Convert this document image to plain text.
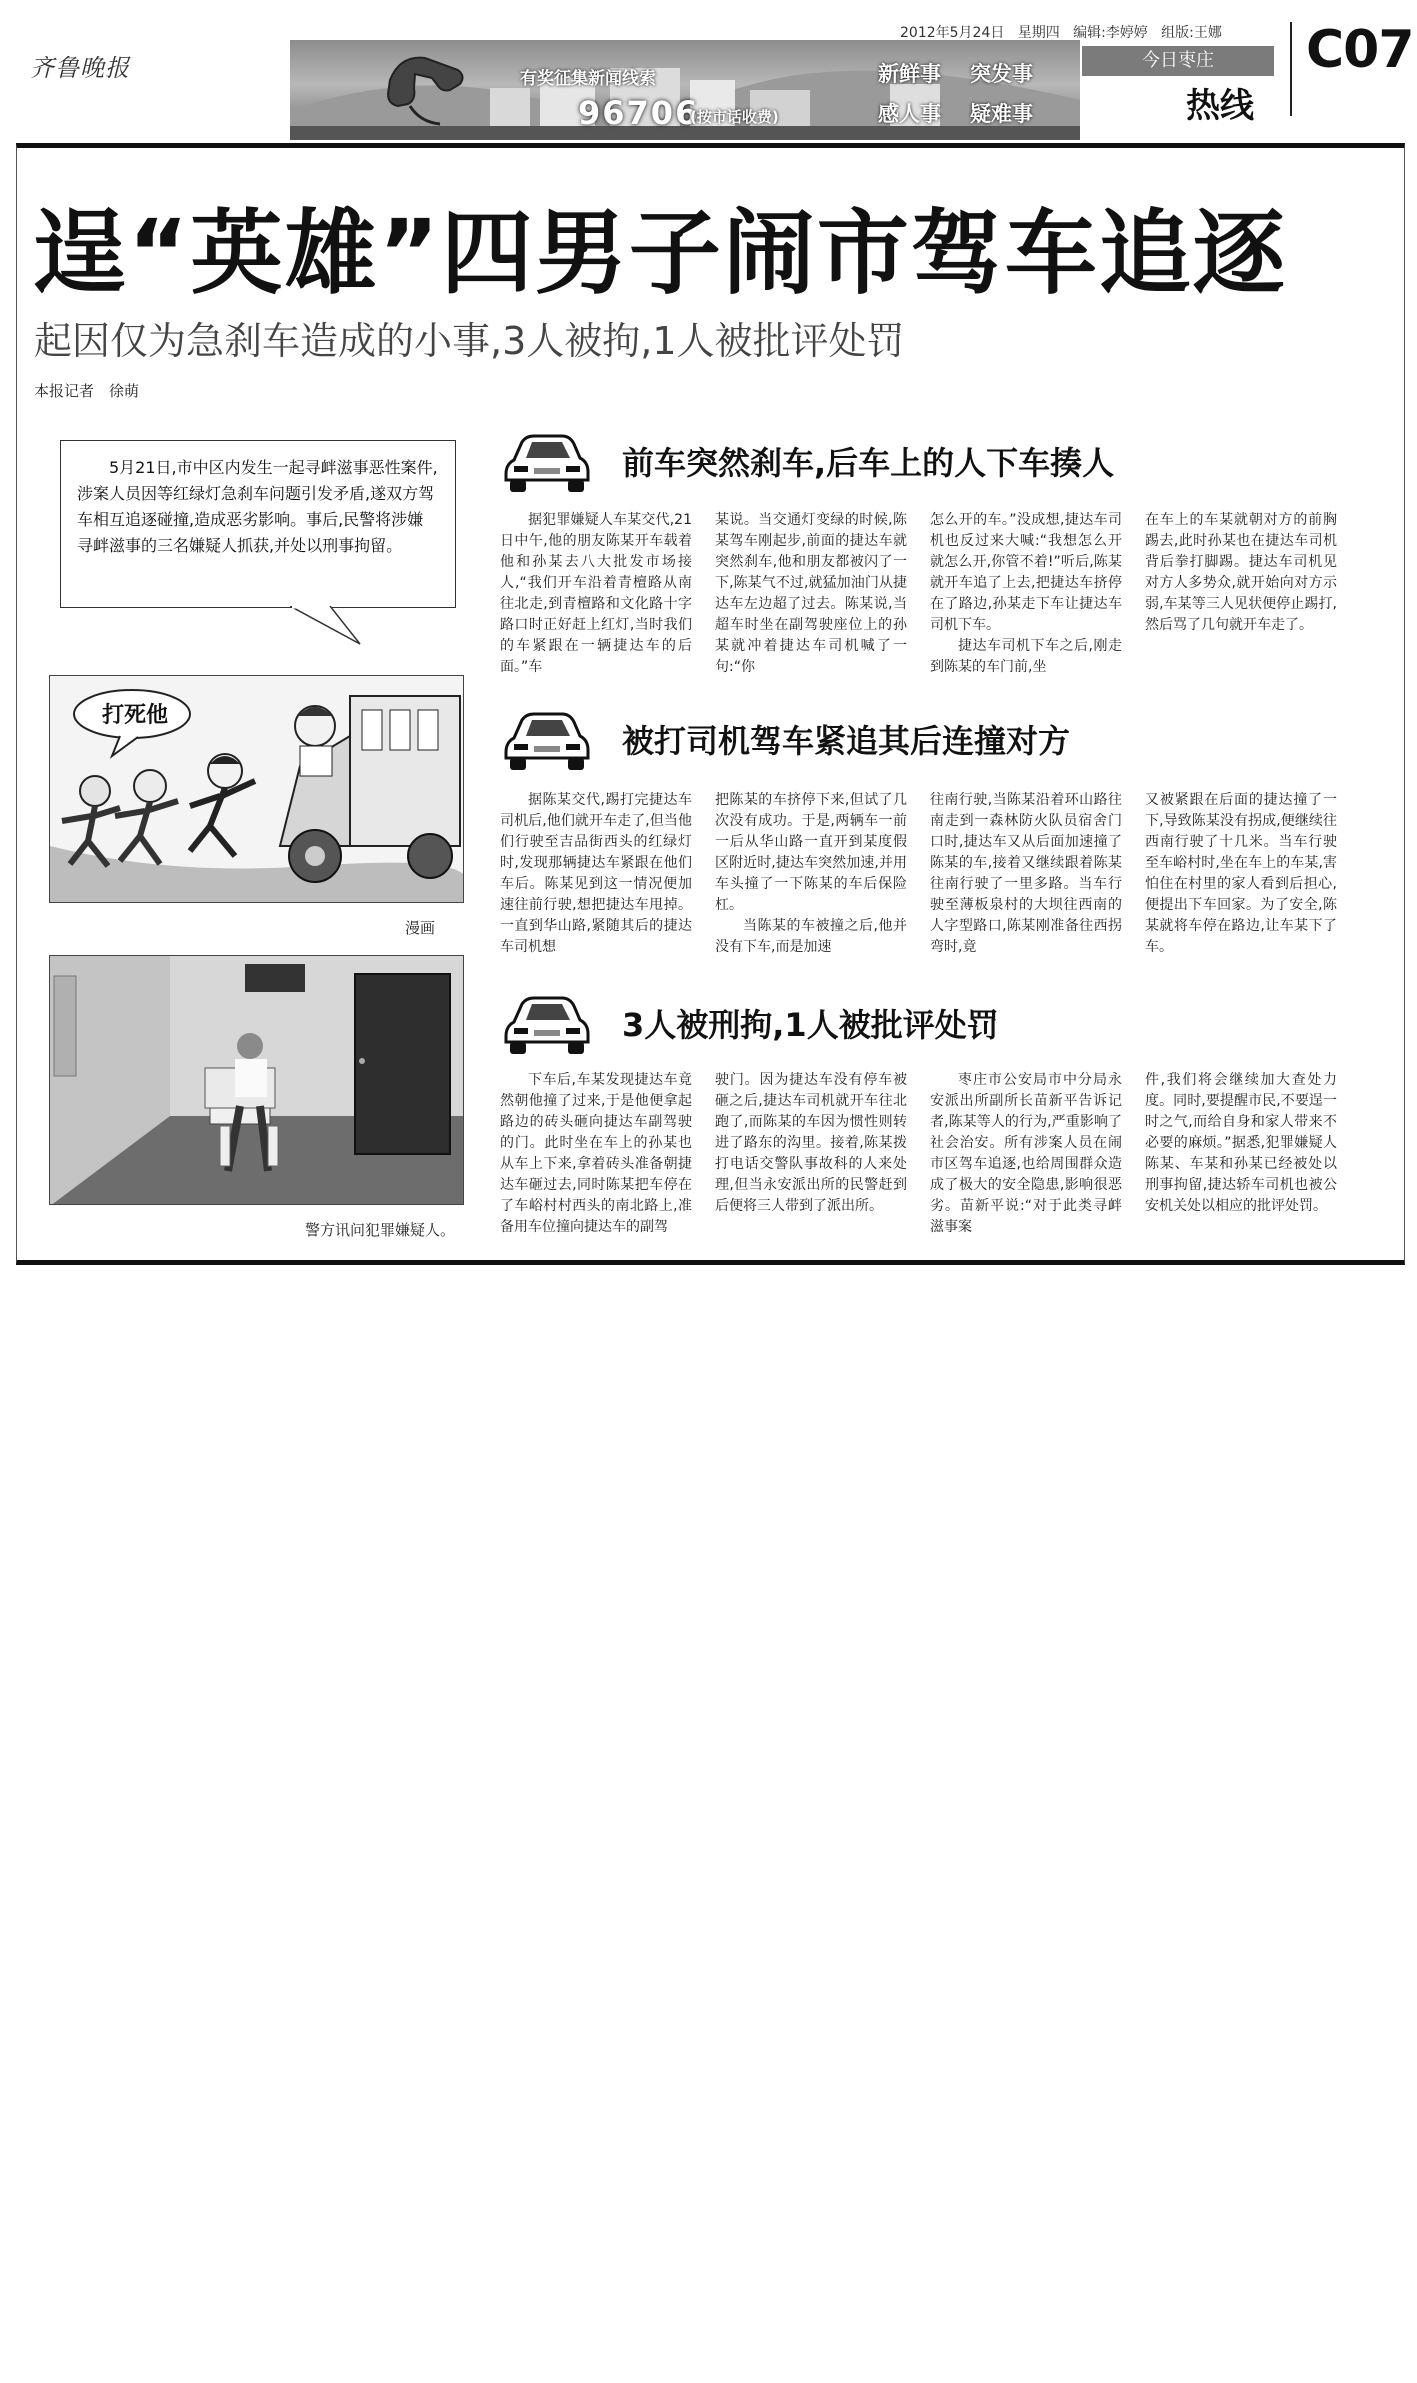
齐鲁晚报	有奖征集新闻线索
96706
(按市话收费)
新鲜事 突发事
感人事 疑难事
2012年5月24日 星期四 编辑:李婷婷 组版:王娜
今日枣庄
热线
C07
逞“英雄”四男子闹市驾车追逐
起因仅为急刹车造成的小事,3人被拘,1人被批评处罚
本报记者　徐萌
5月21日,市中区内发生一起寻衅滋事恶性案件,涉案人员因等红绿灯急刹车问题引发矛盾,遂双方驾车相互追逐碰撞,造成恶劣影响。事后,民警将涉嫌寻衅滋事的三名嫌疑人抓获,并处以刑事拘留。
打死他
漫画
警方讯问犯罪嫌疑人。
前车突然刹车,后车上的人下车揍人

据犯罪嫌疑人车某交代,21日中午,他的朋友陈某开车载着他和孙某去八大批发市场接人,“我们开车沿着青檀路从南往北走,到青檀路和文化路十字路口时正好赶上红灯,当时我们的车紧跟在一辆捷达车的后面。”车

某说。当交通灯变绿的时候,陈某驾车刚起步,前面的捷达车就突然刹车,他和朋友都被闪了一下,陈某气不过,就猛加油门从捷达车左边超了过去。陈某说,当超车时坐在副驾驶座位上的孙某就冲着捷达车司机喊了一句:“你

怎么开的车。”没成想,捷达车司机也反过来大喊:“我想怎么开就怎么开,你管不着!”听后,陈某就开车追了上去,把捷达车挤停在了路边,孙某走下车让捷达车司机下车。

捷达车司机下车之后,刚走到陈某的车门前,坐

在车上的车某就朝对方的前胸踢去,此时孙某也在捷达车司机背后拳打脚踢。捷达车司机见对方人多势众,就开始向对方示弱,车某等三人见状便停止踢打,然后骂了几句就开车走了。

被打司机驾车紧追其后连撞对方

据陈某交代,踢打完捷达车司机后,他们就开车走了,但当他们行驶至吉品街西头的红绿灯时,发现那辆捷达车紧跟在他们车后。陈某见到这一情况便加速往前行驶,想把捷达车甩掉。一直到华山路,紧随其后的捷达车司机想

把陈某的车挤停下来,但试了几次没有成功。于是,两辆车一前一后从华山路一直开到某度假区附近时,捷达车突然加速,并用车头撞了一下陈某的车后保险杠。

当陈某的车被撞之后,他并没有下车,而是加速

往南行驶,当陈某沿着环山路往南走到一森林防火队员宿舍门口时,捷达车又从后面加速撞了陈某的车,接着又继续跟着陈某往南行驶了一里多路。当车行驶至薄板泉村的大坝往西南的人字型路口,陈某刚准备往西拐弯时,竟

又被紧跟在后面的捷达撞了一下,导致陈某没有拐成,便继续往西南行驶了十几米。当车行驶至车峪村时,坐在车上的车某,害怕住在村里的家人看到后担心,便提出下车回家。为了安全,陈某就将车停在路边,让车某下了车。

3人被刑拘,1人被批评处罚

下车后,车某发现捷达车竟然朝他撞了过来,于是他便拿起路边的砖头砸向捷达车副驾驶的门。此时坐在车上的孙某也从车上下来,拿着砖头准备朝捷达车砸过去,同时陈某把车停在了车峪村村西头的南北路上,准备用车位撞向捷达车的副驾

驶门。因为捷达车没有停车被砸之后,捷达车司机就开车往北跑了,而陈某的车因为惯性则转进了路东的沟里。接着,陈某拨打电话交警队事故科的人来处理,但当永安派出所的民警赶到后便将三人带到了派出所。

枣庄市公安局市中分局永安派出所副所长苗新平告诉记者,陈某等人的行为,严重影响了社会治安。所有涉案人员在闹市区驾车追逐,也给周围群众造成了极大的安全隐患,影响很恶劣。苗新平说:“对于此类寻衅滋事案

件,我们将会继续加大查处力度。同时,要提醒市民,不要逞一时之气,而给自身和家人带来不必要的麻烦。”据悉,犯罪嫌疑人陈某、车某和孙某已经被处以刑事拘留,捷达轿车司机也被公安机关处以相应的批评处罚。
